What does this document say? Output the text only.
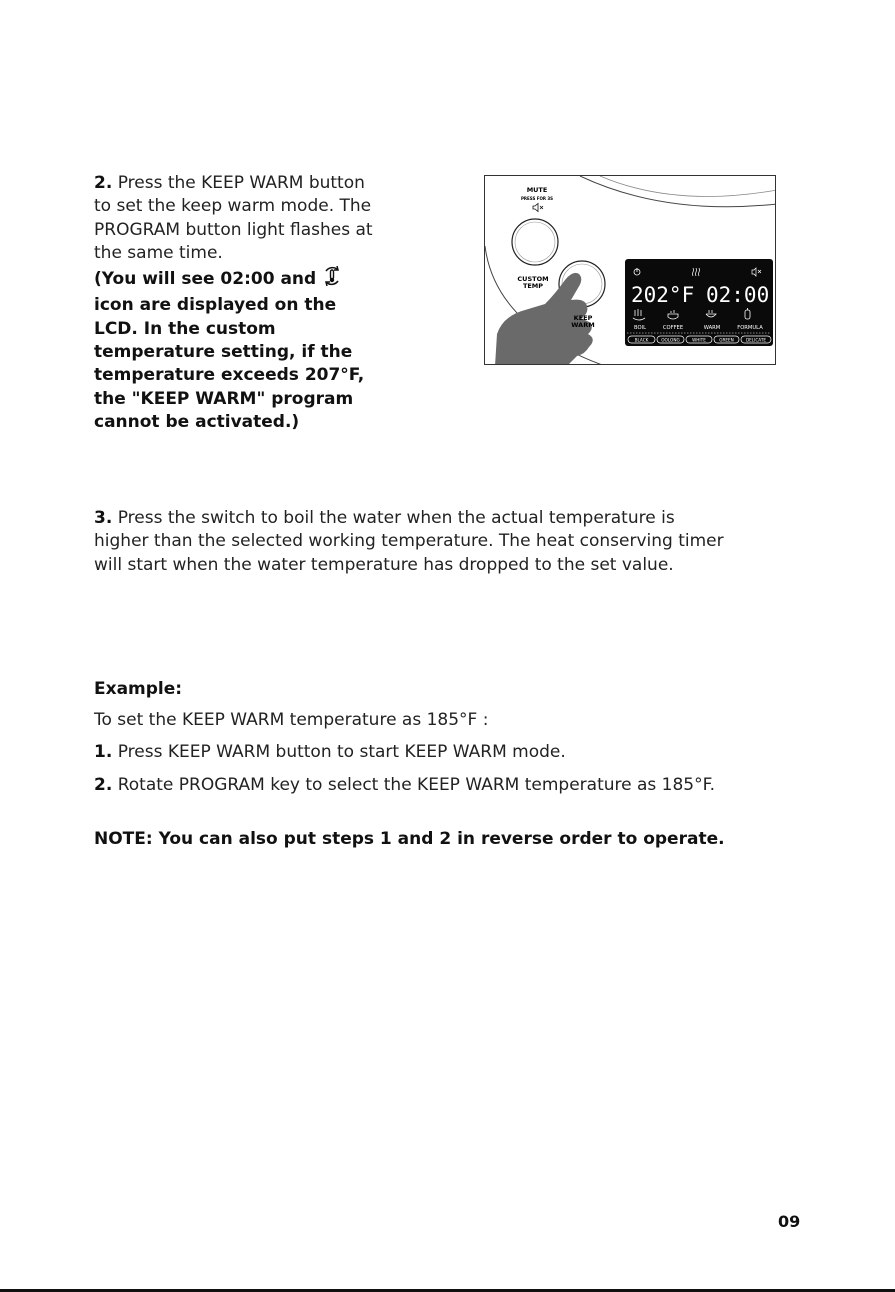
2. Press the KEEP WARM button to set the keep warm mode. The PROGRAM button light flashes at the same time.
(You will see 02:00 and  icon are displayed on the LCD. In the custom temperature setting, if the temperature exceeds 207°F, the "KEEP WARM" program cannot be activated.)

MUTE
PRESS FOR 3S
CUSTOM
TEMP
KEEP
WARM
202°F 02:00
BOIL	COFFEE	WARM	FORMULA
BLACK	OOLONG	WHITE	GREEN	DELICATE

3. Press the switch to boil the water when the actual temperature is higher than the selected working temperature. The heat conserving timer will start when the water temperature has dropped to the set value.

Example:

To set the KEEP WARM temperature as 185°F :

1. Press KEEP WARM button to start KEEP WARM mode.

2. Rotate PROGRAM key to select the KEEP WARM temperature as 185°F.

NOTE: You can also put steps 1 and 2 in reverse order to operate.

09
